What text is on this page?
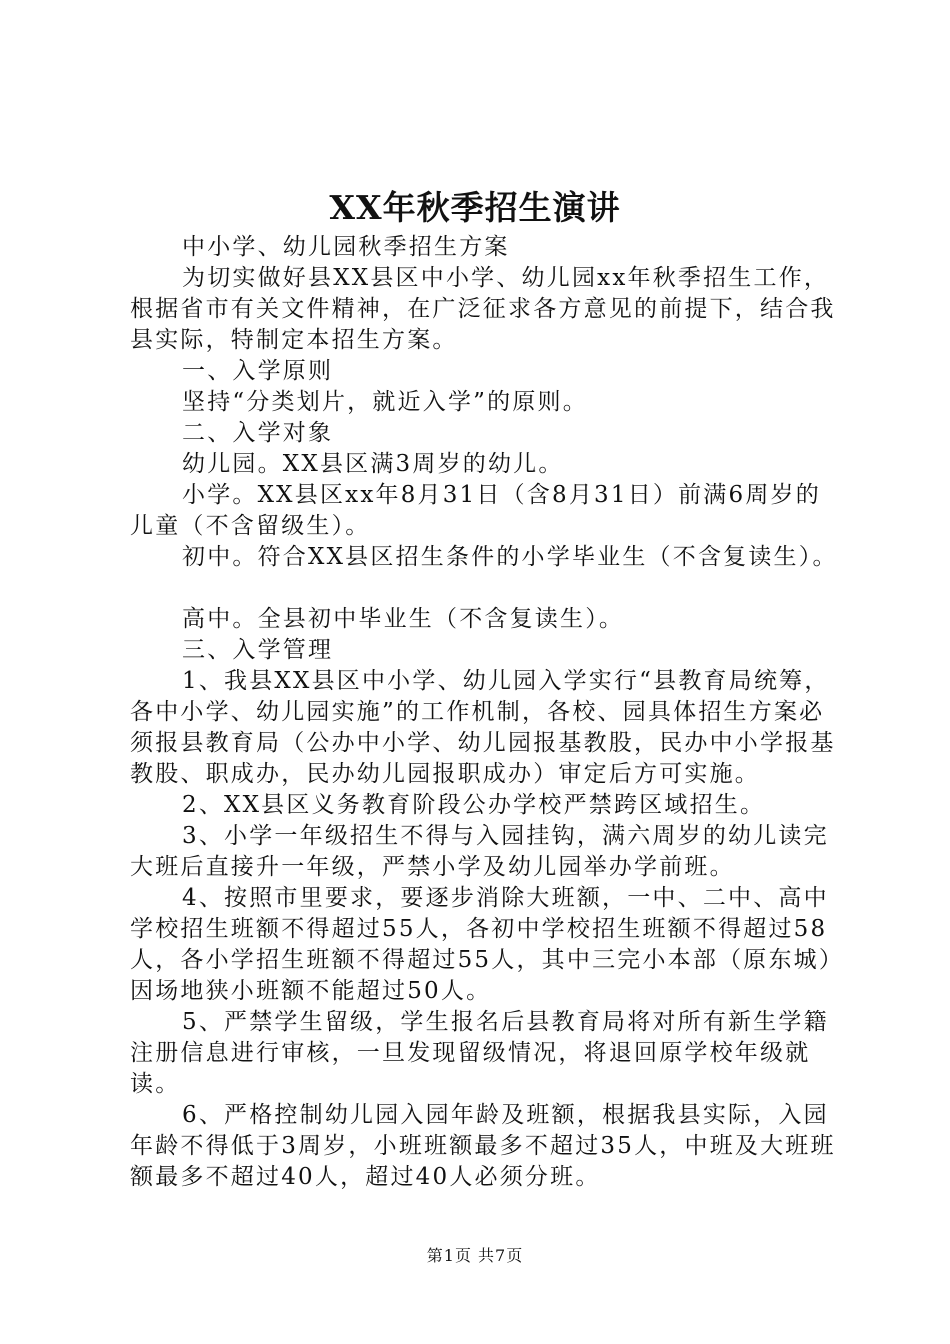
XX年秋季招生演讲

中小学、幼儿园秋季招生方案

为切实做好县XX县区中小学、幼儿园xx年秋季招生工作，根据省市有关文件精神，在广泛征求各方意见的前提下，结合我县实际，特制定本招生方案。

一、入学原则

坚持“分类划片，就近入学”的原则。

二、入学对象

幼儿园。XX县区满3周岁的幼儿。

小学。XX县区xx年8月31日（含8月31日）前满6周岁的儿童（不含留级生）。

初中。符合XX县区招生条件的小学毕业生（不含复读生）。

高中。全县初中毕业生（不含复读生）。

三、入学管理

1、我县XX县区中小学、幼儿园入学实行“县教育局统筹，各中小学、幼儿园实施”的工作机制，各校、园具体招生方案必须报县教育局（公办中小学、幼儿园报基教股，民办中小学报基教股、职成办，民办幼儿园报职成办）审定后方可实施。

2、XX县区义务教育阶段公办学校严禁跨区域招生。

3、小学一年级招生不得与入园挂钩，满六周岁的幼儿读完大班后直接升一年级，严禁小学及幼儿园举办学前班。

4、按照市里要求，要逐步消除大班额，一中、二中、高中学校招生班额不得超过55人，各初中学校招生班额不得超过58人，各小学招生班额不得超过55人，其中三完小本部（原东城）因场地狭小班额不能超过50人。

5、严禁学生留级，学生报名后县教育局将对所有新生学籍注册信息进行审核，一旦发现留级情况，将退回原学校年级就读。

6、严格控制幼儿园入园年龄及班额，根据我县实际，入园年龄不得低于3周岁，小班班额最多不超过35人，中班及大班班额最多不超过40人，超过40人必须分班。

第1页 共7页
